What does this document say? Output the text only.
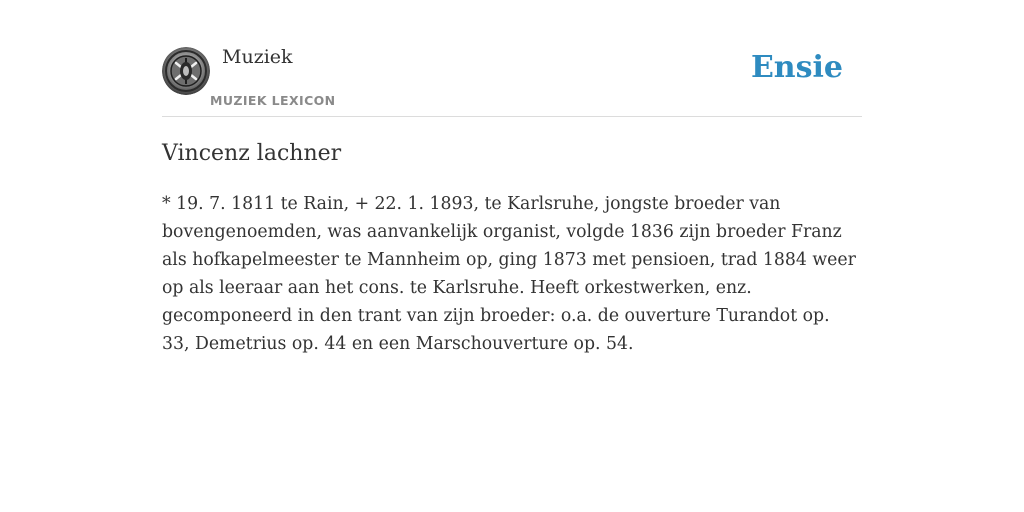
Muziek
MUZIEK LEXICON
Ensie
Vincenz lachner

* 19. 7. 1811 te Rain, + 22. 1. 1893, te Karlsruhe, jongste broeder van bovengenoemden, was aanvankelijk organist, volgde 1836 zijn broeder Franz als hofkapelmeester te Mannheim op, ging 1873 met pensioen, trad 1884 weer op als leeraar aan het cons. te Karlsruhe. Heeft orkestwerken, enz. gecomponeerd in den trant van zijn broeder: o.a. de ouverture Turandot op. 33, Demetrius op. 44 en een Marschouverture op. 54.
